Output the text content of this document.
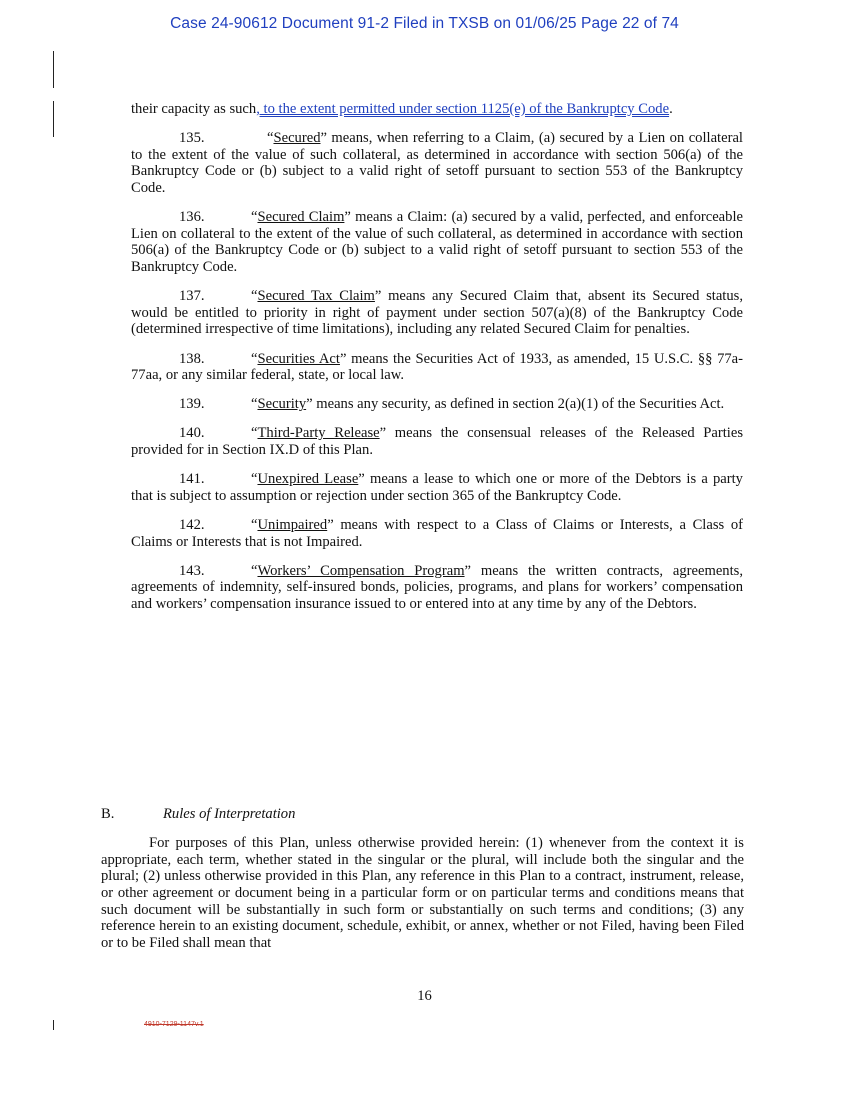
Case 24-90612 Document 91-2 Filed in TXSB on 01/06/25 Page 22 of 74

their capacity as such, to the extent permitted under section 1125(e) of the Bankruptcy Code.

135.	“Secured” means, when referring to a Claim, (a) secured by a Lien on collateral to the extent of the value of such collateral, as determined in accordance with section 506(a) of the Bankruptcy Code or (b) subject to a valid right of setoff pursuant to section 553 of the Bankruptcy Code.

136.	“Secured Claim” means a Claim: (a) secured by a valid, perfected, and enforceable Lien on collateral to the extent of the value of such collateral, as determined in accordance with section 506(a) of the Bankruptcy Code or (b) subject to a valid right of setoff pursuant to section 553 of the Bankruptcy Code.

137.	“Secured Tax Claim” means any Secured Claim that, absent its Secured status, would be entitled to priority in right of payment under section 507(a)(8) of the Bankruptcy Code (determined irrespective of time limitations), including any related Secured Claim for penalties.

138.	“Securities Act” means the Securities Act of 1933, as amended, 15 U.S.C. §§ 77a-77aa, or any similar federal, state, or local law.

139.	“Security” means any security, as defined in section 2(a)(1) of the Securities Act.

140.	“Third-Party Release” means the consensual releases of the Released Parties provided for in Section IX.D of this Plan.

141.	“Unexpired Lease” means a lease to which one or more of the Debtors is a party that is subject to assumption or rejection under section 365 of the Bankruptcy Code.

142.	“Unimpaired” means with respect to a Class of Claims or Interests, a Class of Claims or Interests that is not Impaired.

143.	“Workers’ Compensation Program” means the written contracts, agreements, agreements of indemnity, self-insured bonds, policies, programs, and plans for workers’ compensation and workers’ compensation insurance issued to or entered into at any time by any of the Debtors.

B.	Rules of Interpretation

For purposes of this Plan, unless otherwise provided herein: (1) whenever from the context it is appropriate, each term, whether stated in the singular or the plural, will include both the singular and the plural; (2) unless otherwise provided in this Plan, any reference in this Plan to a contract, instrument, release, or other agreement or document being in a particular form or on particular terms and conditions means that such document will be substantially in such form or substantially on such terms and conditions; (3) any reference herein to an existing document, schedule, exhibit, or annex, whether or not Filed, having been Filed or to be Filed shall mean that

16
4910-7129-1147v.1
